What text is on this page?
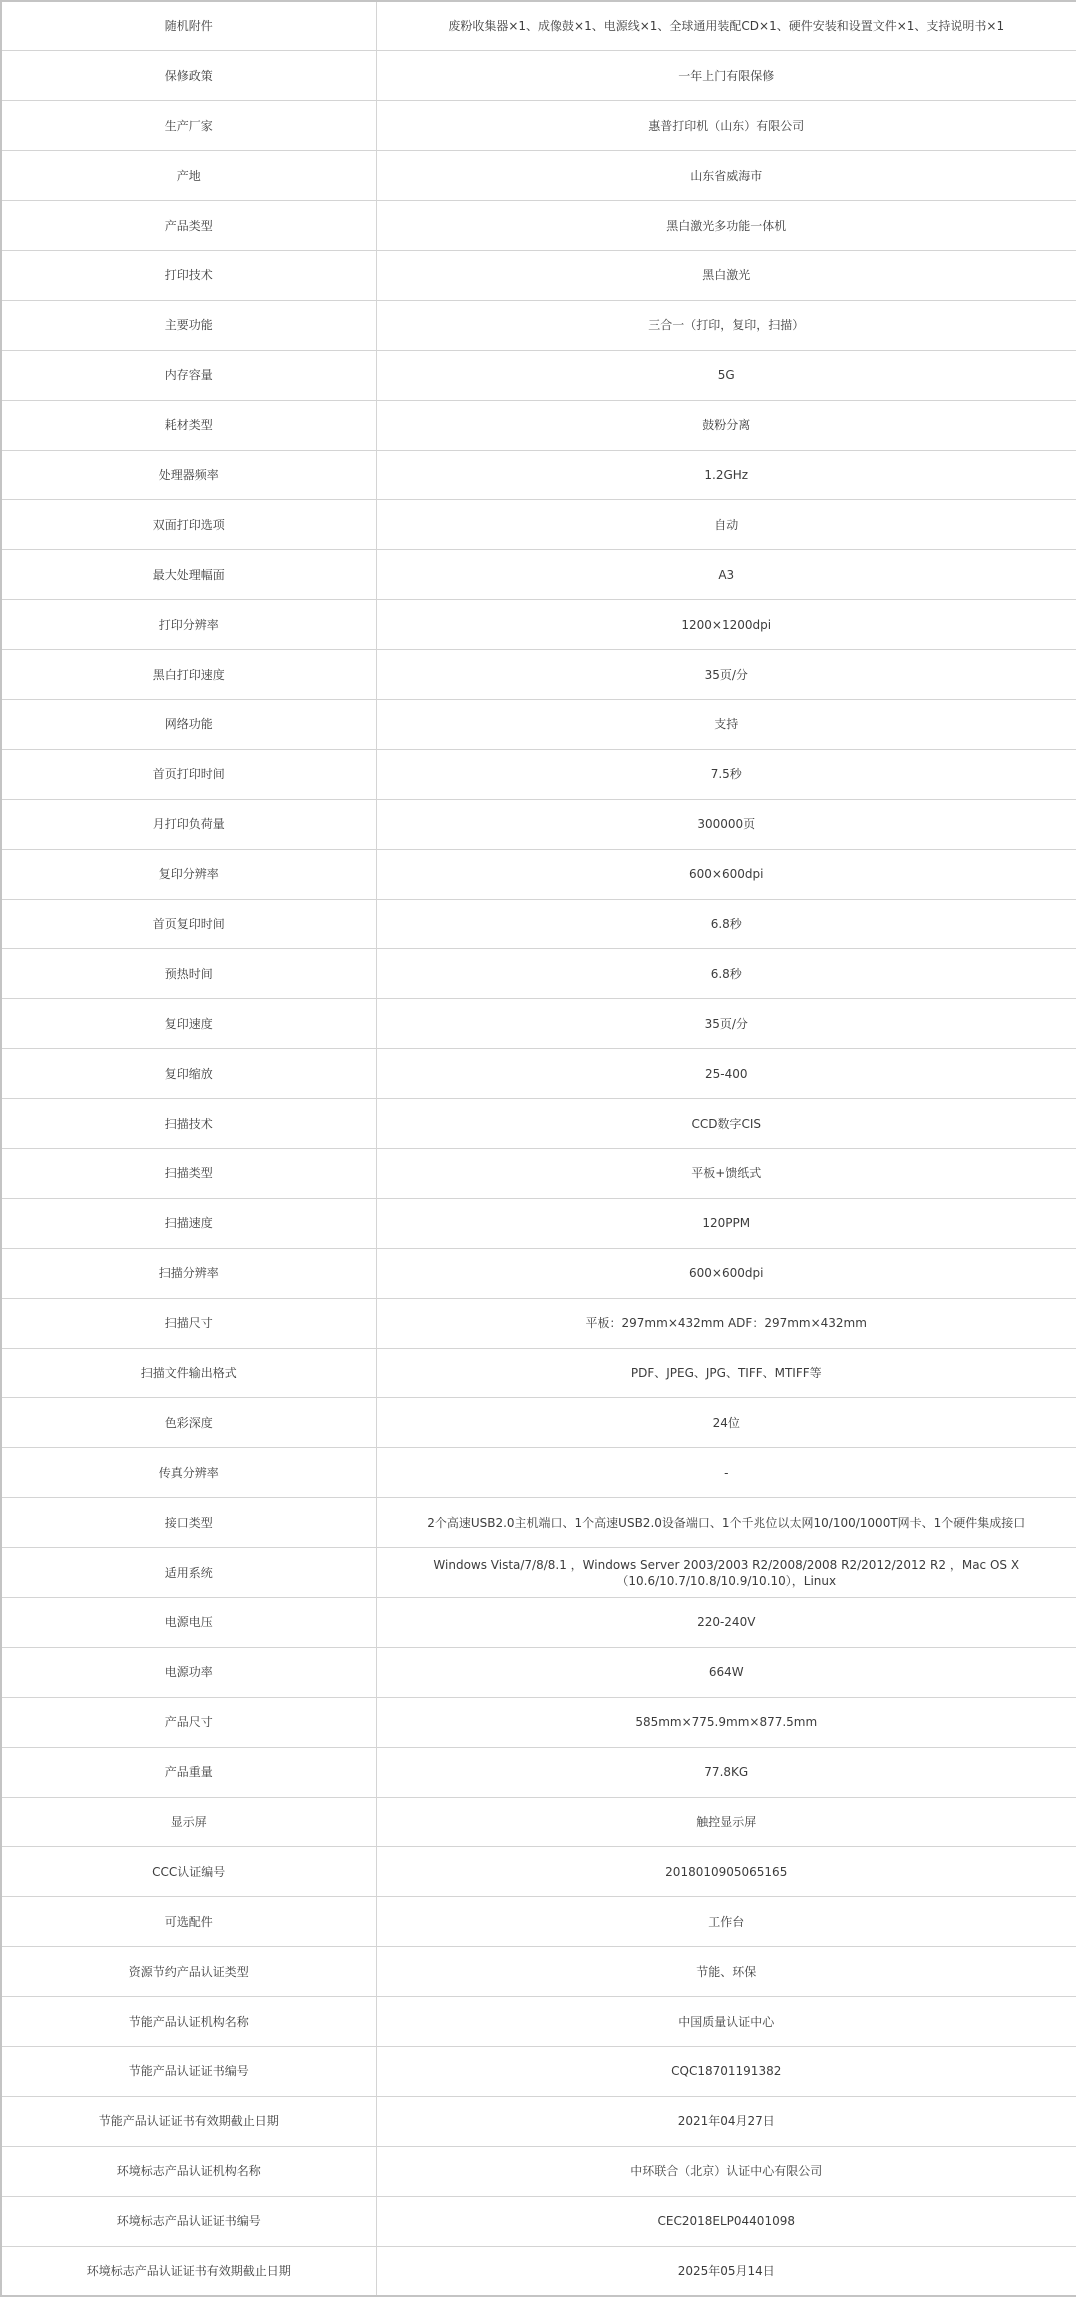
随机附件	废粉收集器×1、成像鼓×1、电源线×1、全球通用装配CD×1、硬件安装和设置文件×1、支持说明书×1
保修政策	一年上门有限保修
生产厂家	惠普打印机（山东）有限公司
产地	山东省威海市
产品类型	黑白激光多功能一体机
打印技术	黑白激光
主要功能	三合一（打印，复印，扫描）
内存容量	5G
耗材类型	鼓粉分离
处理器频率	1.2GHz
双面打印选项	自动
最大处理幅面	A3
打印分辨率	1200×1200dpi
黑白打印速度	35页/分
网络功能	支持
首页打印时间	7.5秒
月打印负荷量	300000页
复印分辨率	600×600dpi
首页复印时间	6.8秒
预热时间	6.8秒
复印速度	35页/分
复印缩放	25-400
扫描技术	CCD数字CIS
扫描类型	平板+馈纸式
扫描速度	120PPM
扫描分辨率	600×600dpi
扫描尺寸	平板：297mm×432mm ADF：297mm×432mm
扫描文件输出格式	PDF、JPEG、JPG、TIFF、MTIFF等
色彩深度	24位
传真分辨率	-
接口类型	2个高速USB2.0主机端口、1个高速USB2.0设备端口、1个千兆位以太网10/100/1000T网卡、1个硬件集成接口
适用系统	Windows Vista/7/8/8.1 ，Windows Server 2003/2003 R2/2008/2008 R2/2012/2012 R2 ，Mac OS X （10.6/10.7/10.8/10.9/10.10），Linux
电源电压	220-240V
电源功率	664W
产品尺寸	585mm×775.9mm×877.5mm
产品重量	77.8KG
显示屏	触控显示屏
CCC认证编号	2018010905065165
可选配件	工作台
资源节约产品认证类型	节能、环保
节能产品认证机构名称	中国质量认证中心
节能产品认证证书编号	CQC18701191382
节能产品认证证书有效期截止日期	2021年04月27日
环境标志产品认证机构名称	中环联合（北京）认证中心有限公司
环境标志产品认证证书编号	CEC2018ELP04401098
环境标志产品认证证书有效期截止日期	2025年05月14日
